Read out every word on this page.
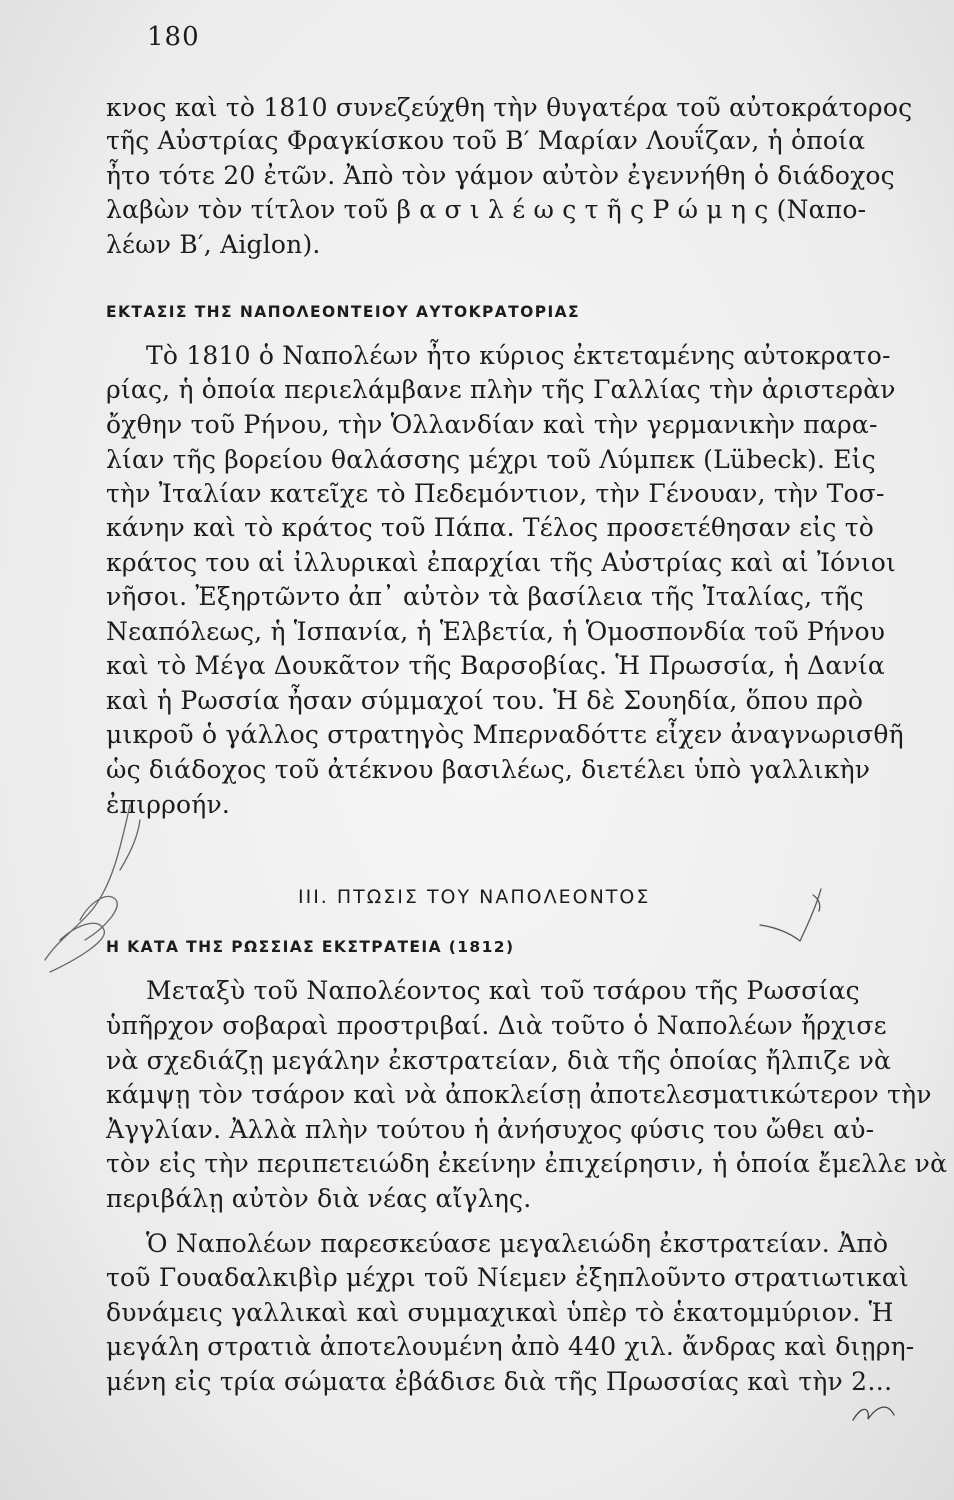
180
κνος καὶ τὸ 1810 συνεζεύχθη τὴν θυγατέρα τοῦ αὐτοκράτορος
τῆς Αὐστρίας Φραγκίσκου τοῦ Β′ Μαρίαν Λουΐζαν, ἡ ὁποία
ἦτο τότε 20 ἐτῶν. Ἀπὸ τὸν γάμον αὐτὸν ἐγεννήθη ὁ διάδοχος
λαβὼν τὸν τίτλον τοῦ β α σ ι λ έ ω ς τ ῆ ς Ρ ώ μ η ς (Ναπο-
λέων Β′, Aiglon).
ΕΚΤΑΣΙΣ ΤΗΣ ΝΑΠΟΛΕΟΝΤΕΙΟΥ ΑΥΤΟΚΡΑΤΟΡΙΑΣ
Τὸ 1810 ὁ Ναπολέων ἦτο κύριος ἐκτεταμένης αὐτοκρατο-
ρίας, ἡ ὁποία περιελάμβανε πλὴν τῆς Γαλλίας τὴν ἀριστερὰν
ὄχθην τοῦ Ρήνου, τὴν Ὁλλανδίαν καὶ τὴν γερμανικὴν παρα-
λίαν τῆς βορείου θαλάσσης μέχρι τοῦ Λύμπεκ (Lübeck). Εἰς
τὴν Ἰταλίαν κατεῖχε τὸ Πεδεμόντιον, τὴν Γένουαν, τὴν Τοσ-
κάνην καὶ τὸ κράτος τοῦ Πάπα. Τέλος προσετέθησαν εἰς τὸ
κράτος του αἱ ἰλλυρικαὶ ἐπαρχίαι τῆς Αὐστρίας καὶ αἱ Ἰόνιοι
νῆσοι. Ἐξηρτῶντο ἀπ᾽ αὐτὸν τὰ βασίλεια τῆς Ἰταλίας, τῆς
Νεαπόλεως, ἡ Ἱσπανία, ἡ Ἑλβετία, ἡ Ὁμοσπονδία τοῦ Ρήνου
καὶ τὸ Μέγα Δουκᾶτον τῆς Βαρσοβίας. Ἡ Πρωσσία, ἡ Δανία
καὶ ἡ Ρωσσία ἦσαν σύμμαχοί του. Ἡ δὲ Σουηδία, ὅπου πρὸ
μικροῦ ὁ γάλλος στρατηγὸς Μπερναδόττε εἶχεν ἀναγνωρισθῆ
ὡς διάδοχος τοῦ ἀτέκνου βασιλέως, διετέλει ὑπὸ γαλλικὴν
ἐπιρροήν.
III. ΠΤΩΣΙΣ ΤΟΥ ΝΑΠΟΛΕΟΝΤΟΣ
Η ΚΑΤΑ ΤΗΣ ΡΩΣΣΙΑΣ ΕΚΣΤΡΑΤΕΙΑ (1812)
Μεταξὺ τοῦ Ναπολέοντος καὶ τοῦ τσάρου τῆς Ρωσσίας
ὑπῆρχον σοβαραὶ προστριβαί. Διὰ τοῦτο ὁ Ναπολέων ἤρχισε
νὰ σχεδιάζῃ μεγάλην ἐκστρατείαν, διὰ τῆς ὁποίας ἤλπιζε νὰ
κάμψῃ τὸν τσάρον καὶ νὰ ἀποκλείσῃ ἀποτελεσματικώτερον τὴν
Ἀγγλίαν. Ἀλλὰ πλὴν τούτου ἡ ἀνήσυχος φύσις του ὤθει αὐ-
τὸν εἰς τὴν περιπετειώδη ἐκείνην ἐπιχείρησιν, ἡ ὁποία ἔμελλε νὰ
περιβάλῃ αὐτὸν διὰ νέας αἴγλης.
Ὁ Ναπολέων παρεσκεύασε μεγαλειώδη ἐκστρατείαν. Ἀπὸ
τοῦ Γουαδαλκιβὶρ μέχρι τοῦ Νίεμεν ἐξηπλοῦντο στρατιωτικαὶ
δυνάμεις γαλλικαὶ καὶ συμμαχικαὶ ὑπὲρ τὸ ἑκατομμύριον. Ἡ
μεγάλη στρατιὰ ἀποτελουμένη ἀπὸ 440 χιλ. ἄνδρας καὶ διῃρη-
μένη εἰς τρία σώματα ἐβάδισε διὰ τῆς Πρωσσίας καὶ τὴν 2…
